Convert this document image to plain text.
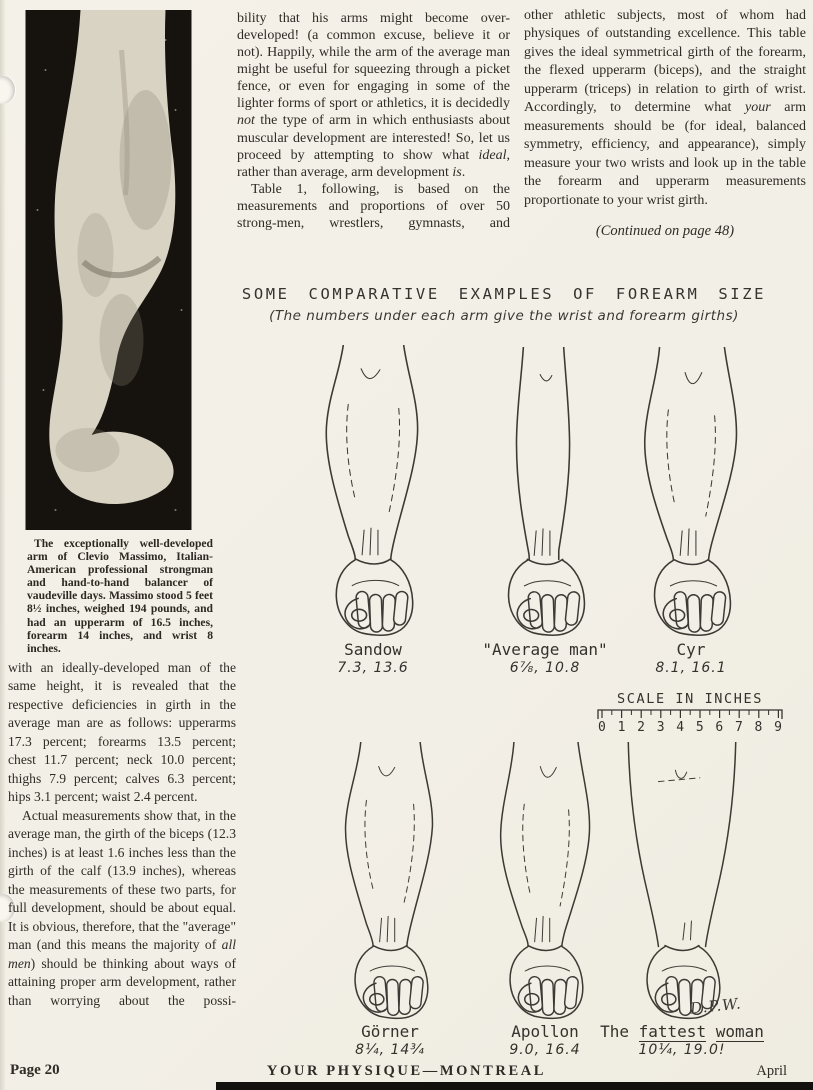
The exceptionally well-developed arm of Clevio Massimo, Italian-American professional strongman and hand-to-hand balancer of vaudeville days. Massimo stood 5 feet 8½ inches, weighed 194 pounds, and had an upperarm of 16.5 inches, forearm 14 inches, and wrist 8 inches.

with an ideally-developed man of the same height, it is revealed that the respective deficiencies in girth in the average man are as follows: upperarms 17.3 percent; forearms 13.5 percent; chest 11.7 percent; neck 10.0 percent; thighs 7.9 percent; calves 6.3 percent; hips 3.1 percent; waist 2.4 percent.

Actual measurements show that, in the average man, the girth of the biceps (12.3 inches) is at least 1.6 inches less than the girth of the calf (13.9 inches), whereas the measurements of these two parts, for full development, should be about equal. It is obvious, therefore, that the "average" man (and this means the majority of all men) should be thinking about ways of attaining proper arm development, rather than worrying about the possi-

bility that his arms might become over-developed! (a common excuse, believe it or not). Happily, while the arm of the average man might be useful for squeezing through a picket fence, or even for engaging in some of the lighter forms of sport or athletics, it is decidedly not the type of arm in which enthusiasts about muscular development are interested! So, let us proceed by attempting to show what ideal, rather than average, arm development is.

Table 1, following, is based on the measurements and proportions of over 50 strong-men, wrestlers, gymnasts, and

other athletic subjects, most of whom had physiques of outstanding excellence. This table gives the ideal symmetrical girth of the forearm, the flexed upperarm (biceps), and the straight upperarm (triceps) in relation to girth of wrist. Accordingly, to determine what your arm measurements should be (for ideal, balanced symmetry, efficiency, and appearance), simply measure your two wrists and look up in the table the forearm and upperarm measurements proportionate to your wrist girth.

(Continued on page 48)

SOME COMPARATIVE EXAMPLES OF FOREARM SIZE
(The numbers under each arm give the wrist and forearm girths)
Sandow
7.3, 13.6
"Average man"
6⅞, 10.8
Cyr
8.1, 16.1
SCALE IN INCHES
0 1 2 3 4 5 6 7 8 9
Görner
8¼, 14¾
Apollon
9.0, 16.4
The fattest woman
10¼, 19.0!
D.P.W.
Page 20	YOUR PHYSIQUE—MONTREAL	April
